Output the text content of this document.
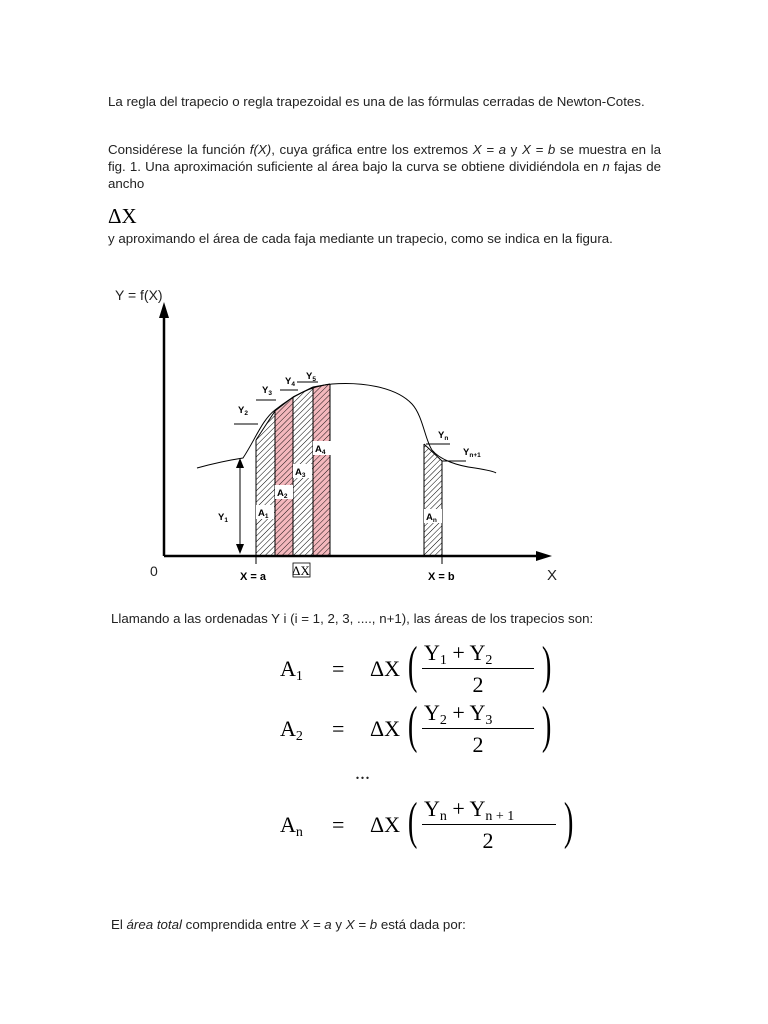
La regla del trapecio o regla trapezoidal es una de las fórmulas cerradas de Newton-Cotes.

Considérese la función f(X), cuya gráfica entre los extremos X = a y X = b se muestra en la fig. 1. Una aproximación suficiente al área bajo la curva se obtiene dividiéndola en n fajas de ancho

ΔX

y aproximando el área de cada faja mediante un trapecio, como se indica en la figura.

Y = f(X)
X
0	X = a	X = b
ΔX
$Y_1$
$Y_2$
$Y_3$
$Y_4$
$Y_5$
$Y_n$
$Y_{n+1}$
$A_1$
$A_2$
$A_3$
$A_4$
$A_n$

Llamando a las ordenadas Y i (i = 1, 2, 3, ...., n+1), las áreas de los trapecios son:

$A_1$	= ΔX ( $Y_1 + Y_2$
2 )
$A_2$	= ΔX ( $Y_2 + Y_3$
2 )
...
$A_n$	= ΔX ( $Y_n + Y_{n + 1}$
2 )

El área total comprendida entre X = a y X = b está dada por:
